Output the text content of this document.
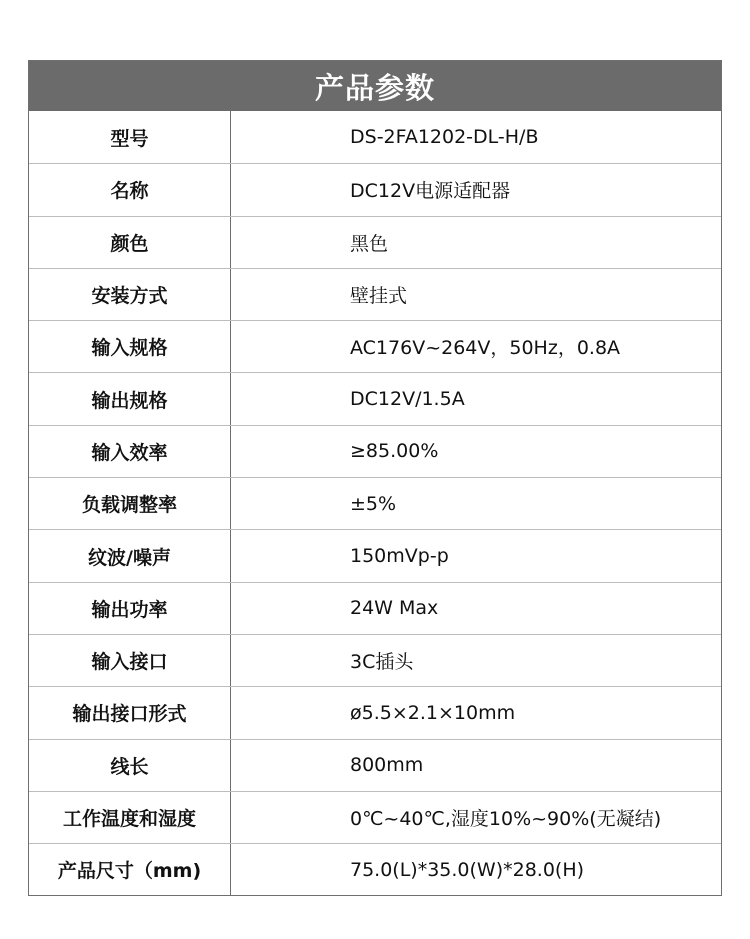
产品参数
型号	DS-2FA1202-DL-H/B
名称	DC12V电源适配器
颜色	黑色
安装方式	壁挂式
输入规格	AC176V~264V，50Hz，0.8A
输出规格	DC12V/1.5A
输入效率	≥85.00%
负载调整率	±5%
纹波/噪声	150mVp-p
输出功率	24W Max
输入接口	3C插头
输出接口形式	ø5.5×2.1×10mm
线长	800mm
工作温度和湿度	0℃~40℃,湿度10%~90%(无凝结)
产品尺寸（mm)	75.0(L)*35.0(W)*28.0(H)
